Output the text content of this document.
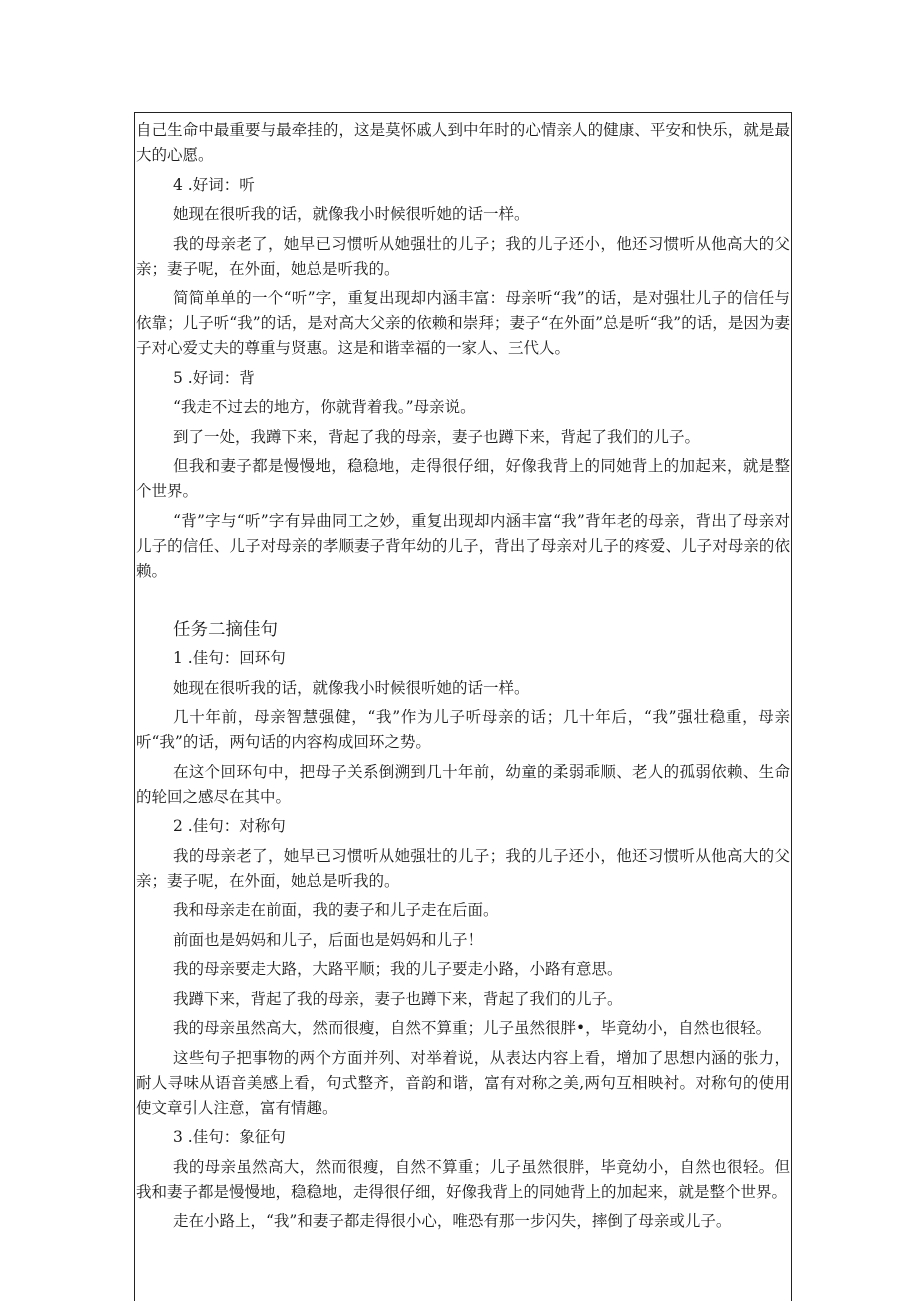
自己生命中最重要与最牵挂的，这是莫怀戚人到中年时的心情亲人的健康、平安和快乐，就是最大的心愿。

4 .好词：听

她现在很听我的话，就像我小时候很听她的话一样。

我的母亲老了，她早已习惯听从她强壮的儿子；我的儿子还小，他还习惯听从他高大的父亲；妻子呢，在外面，她总是听我的。

简简单单的一个“听”字，重复出现却内涵丰富：母亲听“我”的话，是对强壮儿子的信任与依靠；儿子听“我”的话，是对高大父亲的依赖和崇拜；妻子“在外面”总是听“我”的话，是因为妻子对心爱丈夫的尊重与贤惠。这是和谐幸福的一家人、三代人。

5 .好词：背

“我走不过去的地方，你就背着我。”母亲说。

到了一处，我蹲下来，背起了我的母亲，妻子也蹲下来，背起了我们的儿子。

但我和妻子都是慢慢地，稳稳地，走得很仔细，好像我背上的同她背上的加起来，就是整个世界。

“背”字与“听”字有异曲同工之妙，重复出现却内涵丰富“我”背年老的母亲，背出了母亲对儿子的信任、儿子对母亲的孝顺妻子背年幼的儿子，背出了母亲对儿子的疼爱、儿子对母亲的依赖。

任务二摘佳句

1 .佳句：回环句

她现在很听我的话，就像我小时候很听她的话一样。

几十年前，母亲智慧强健，“我”作为儿子听母亲的话；几十年后，“我”强壮稳重，母亲听“我”的话，两句话的内容构成回环之势。

在这个回环句中，把母子关系倒溯到几十年前，幼童的柔弱乖顺、老人的孤弱依赖、生命的轮回之感尽在其中。

2 .佳句：对称句

我的母亲老了，她早已习惯听从她强壮的儿子；我的儿子还小，他还习惯听从他高大的父亲；妻子呢，在外面，她总是听我的。

我和母亲走在前面，我的妻子和儿子走在后面。

前面也是妈妈和儿子，后面也是妈妈和儿子！

我的母亲要走大路，大路平顺；我的儿子要走小路，小路有意思。

我蹲下来，背起了我的母亲，妻子也蹲下来，背起了我们的儿子。

我的母亲虽然高大，然而很瘦，自然不算重；儿子虽然很胖•，毕竟幼小，自然也很轻。

这些句子把事物的两个方面并列、对举着说，从表达内容上看，增加了思想内涵的张力，耐人寻味从语音美感上看，句式整齐，音韵和谐，富有对称之美,两句互相映衬。对称句的使用使文章引人注意，富有情趣。

3 .佳句：象征句

我的母亲虽然高大，然而很瘦，自然不算重；儿子虽然很胖，毕竟幼小，自然也很轻。但我和妻子都是慢慢地，稳稳地，走得很仔细，好像我背上的同她背上的加起来，就是整个世界。

走在小路上，“我”和妻子都走得很小心，唯恐有那一步闪失，摔倒了母亲或儿子。
